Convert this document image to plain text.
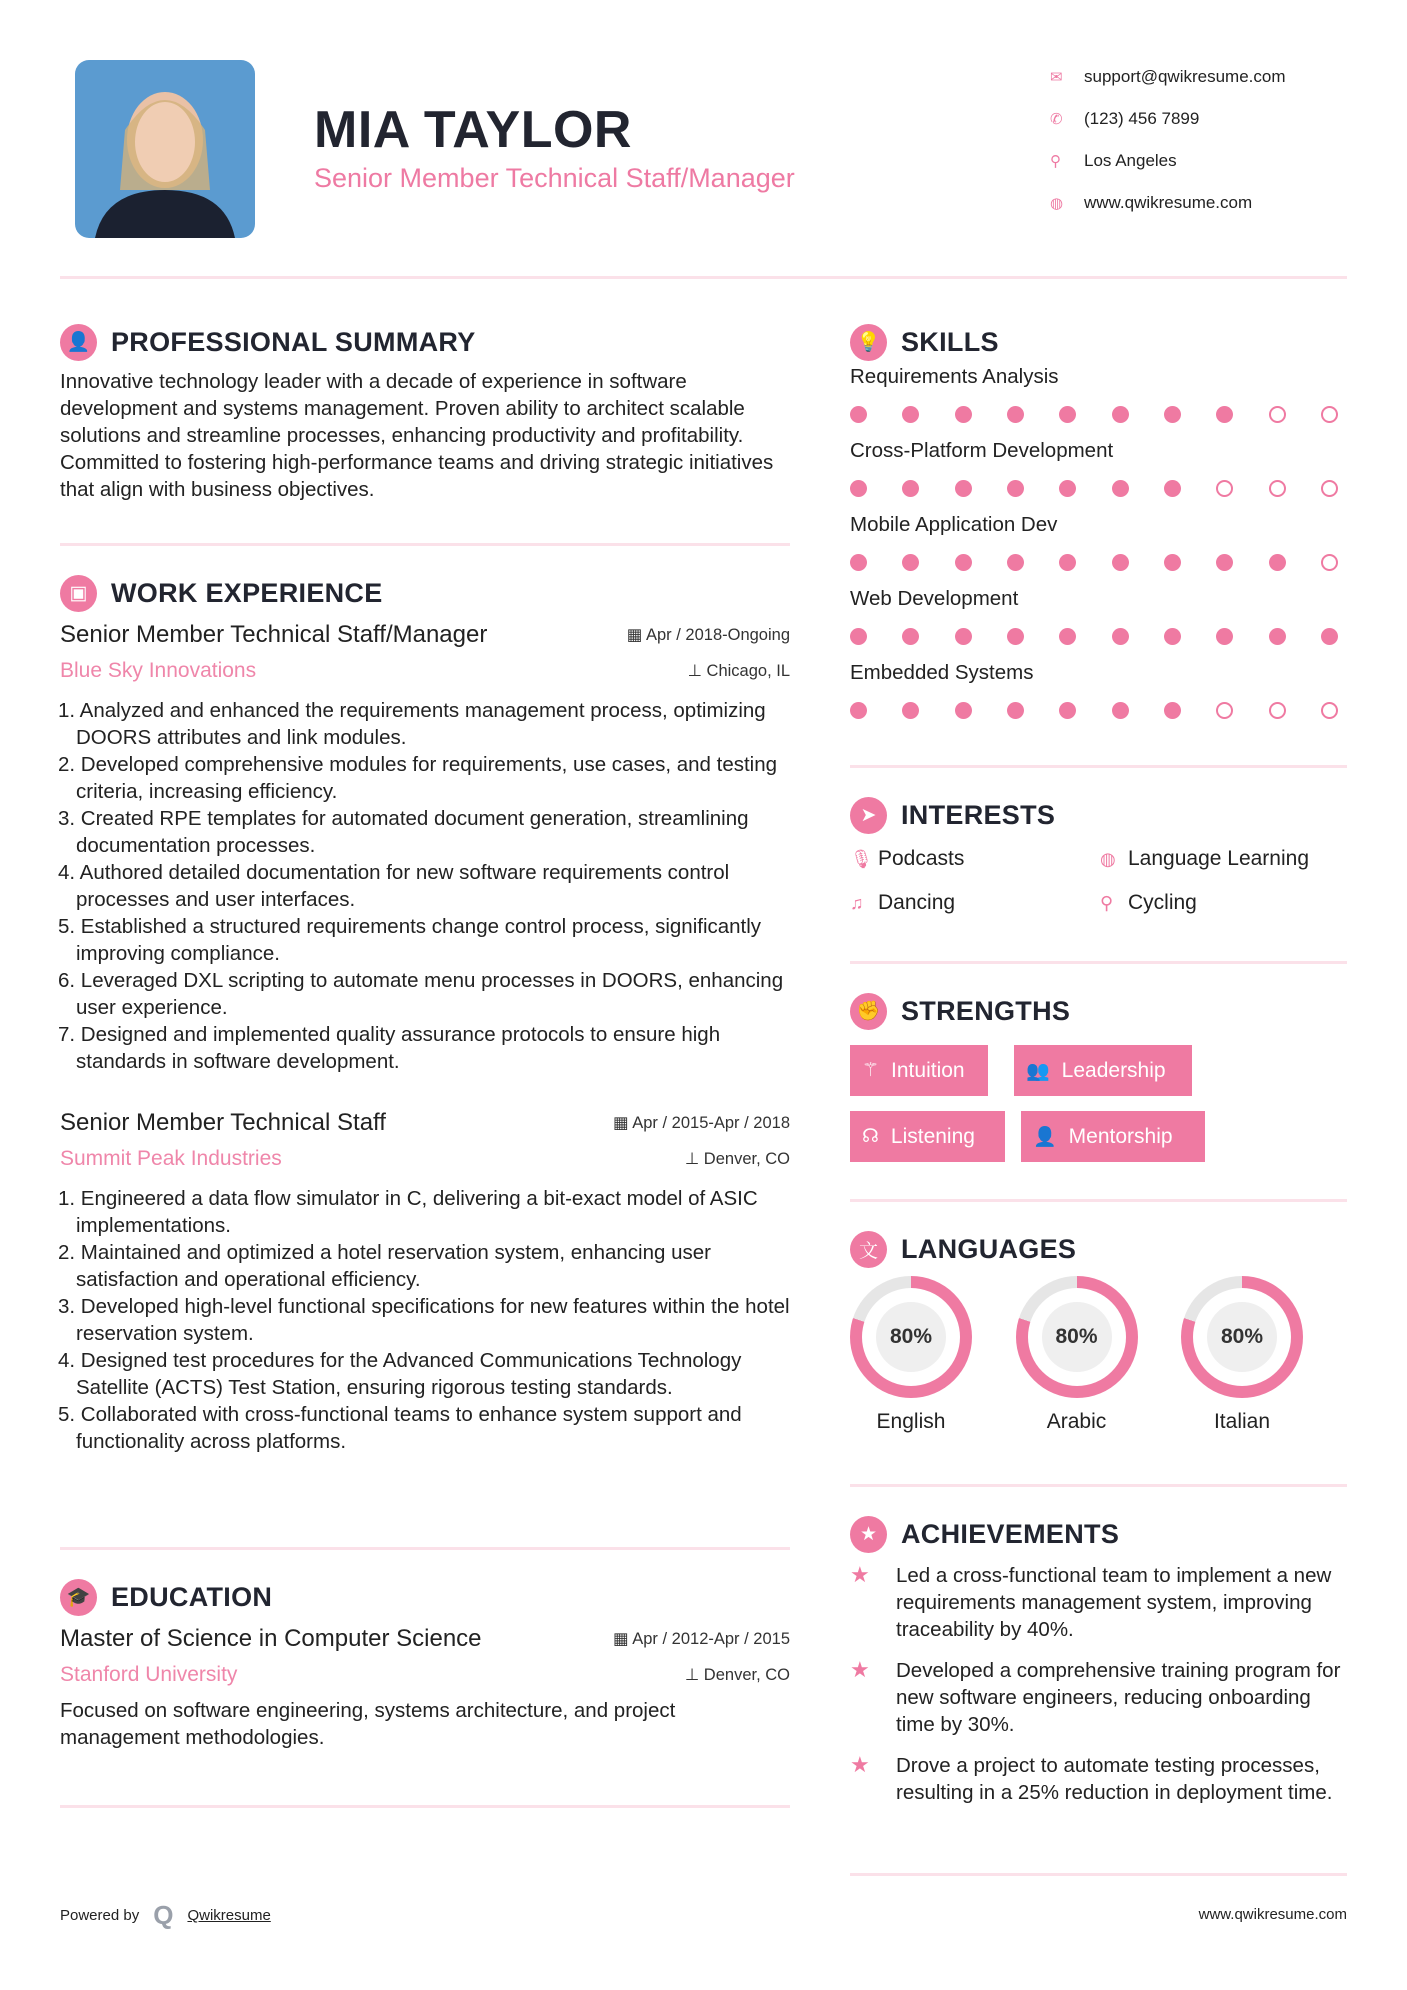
MIA TAYLOR
Senior Member Technical Staff/Manager
✉	support@qwikresume.com
✆	(123) 456 7899
⚲	Los Angeles
◍	www.qwikresume.com
👤 PROFESSIONAL SUMMARY

Innovative technology leader with a decade of experience in software development and systems management. Proven ability to architect scalable solutions and streamline processes, enhancing productivity and profitability. Committed to fostering high-performance teams and driving strategic initiatives that align with business objectives.

▣ WORK EXPERIENCE
Senior Member Technical Staff/Manager
Blue Sky Innovations
▦ Apr / 2018-Ongoing
⊥ Chicago, IL
1. Analyzed and enhanced the requirements management process, optimizing DOORS attributes and link modules.
2. Developed comprehensive modules for requirements, use cases, and testing criteria, increasing efficiency.
3. Created RPE templates for automated document generation, streamlining documentation processes.
4. Authored detailed documentation for new software requirements control processes and user interfaces.
5. Established a structured requirements change control process, significantly improving compliance.
6. Leveraged DXL scripting to automate menu processes in DOORS, enhancing user experience.
7. Designed and implemented quality assurance protocols to ensure high standards in software development.
Senior Member Technical Staff
Summit Peak Industries
▦ Apr / 2015-Apr / 2018
⊥ Denver, CO
1. Engineered a data flow simulator in C, delivering a bit-exact model of ASIC implementations.
2. Maintained and optimized a hotel reservation system, enhancing user satisfaction and operational efficiency.
3. Developed high-level functional specifications for new features within the hotel reservation system.
4. Designed test procedures for the Advanced Communications Technology Satellite (ACTS) Test Station, ensuring rigorous testing standards.
5. Collaborated with cross-functional teams to enhance system support and functionality across platforms.
🎓 EDUCATION
Master of Science in Computer Science
Stanford University
▦ Apr / 2012-Apr / 2015
⊥ Denver, CO

Focused on software engineering, systems architecture, and project management methodologies.

💡 SKILLS
Requirements Analysis
Cross-Platform Development
Mobile Application Dev
Web Development
Embedded Systems
➤ INTERESTS
🎙 Podcasts	◍ Language Learning
♫ Dancing	⚲ Cycling
✊ STRENGTHS
⚚ Intuition	👥 Leadership
☊ Listening	👤 Mentorship
文 LANGUAGES
80%
English
80%
Arabic
80%
Italian
★ ACHIEVEMENTS
★	Led a cross-functional team to implement a new requirements management system, improving traceability by 40%.
★	Developed a comprehensive training program for new software engineers, reducing onboarding time by 30%.
★	Drove a project to automate testing processes, resulting in a 25% reduction in deployment time.
Powered by Q Qwikresume	www.qwikresume.com
